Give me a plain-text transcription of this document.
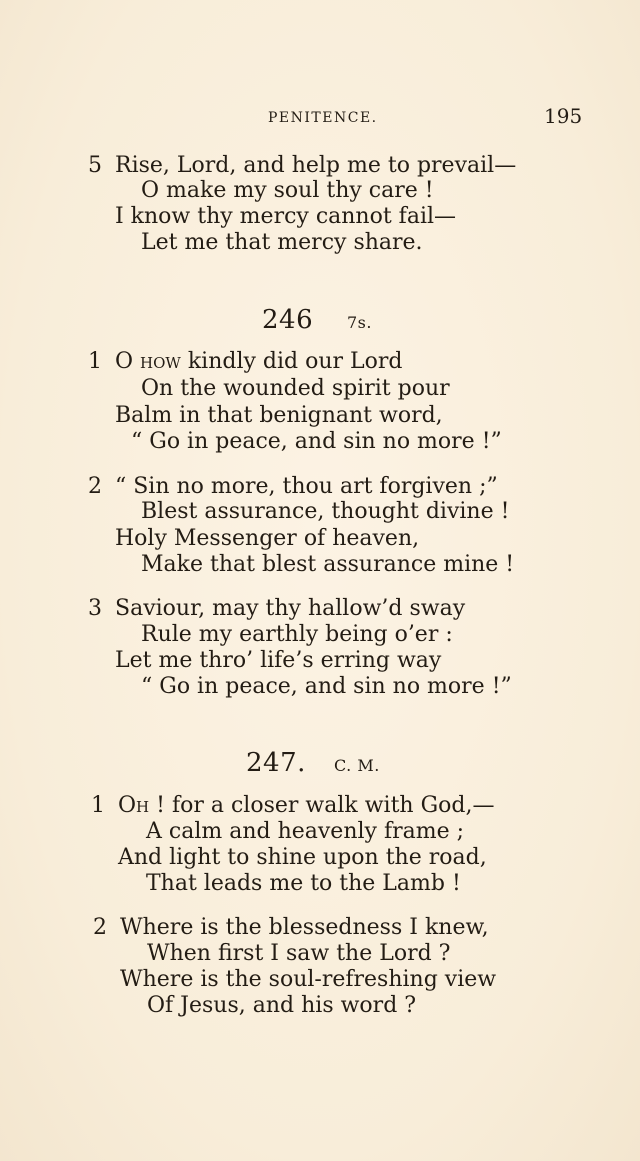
PENITENCE.	195
5 Rise, Lord, and help me to prevail—
O make my soul thy care !
I know thy mercy cannot fail—
Let me that mercy share.
246 7s.
1 O how kindly did our Lord
On the wounded spirit pour
Balm in that benignant word,
“ Go in peace, and sin no more !”
2 “ Sin no more, thou art forgiven ;”
Blest assurance, thought divine !
Holy Messenger of heaven,
Make that blest assurance mine !
3 Saviour, may thy hallow’d sway
Rule my earthly being o’er :
Let me thro’ life’s erring way
“ Go in peace, and sin no more !”
247. C. M.
1 Oh ! for a closer walk with God,—
A calm and heavenly frame ;
And light to shine upon the road,
That leads me to the Lamb !
2 Where is the blessedness I knew,
When first I saw the Lord ?
Where is the soul-refreshing view
Of Jesus, and his word ?
